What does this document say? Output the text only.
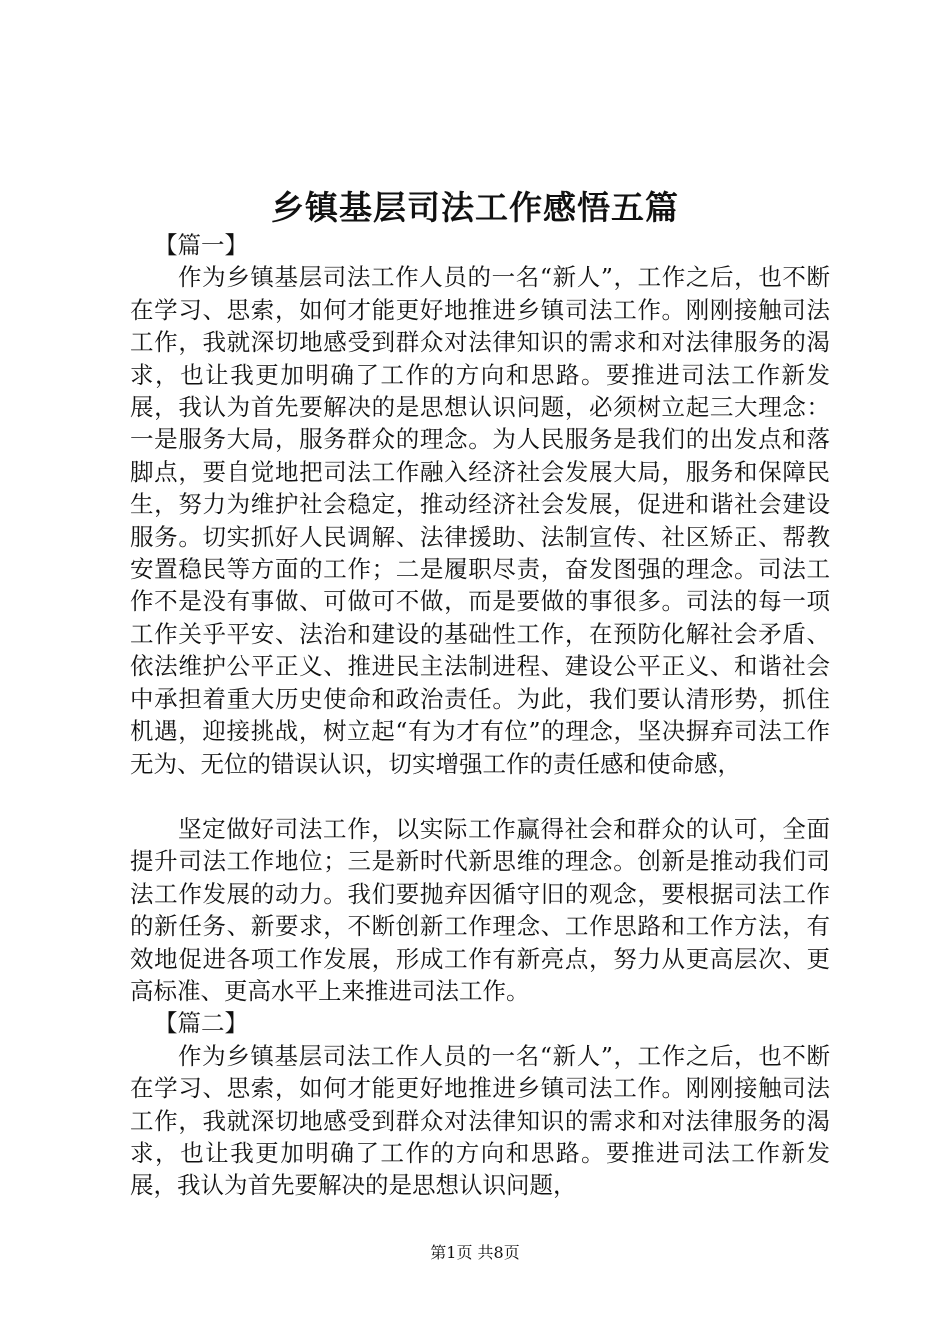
乡镇基层司法工作感悟五篇

【篇一】

作为乡镇基层司法工作人员的一名“新人”，工作之后，也不断在学习、思索，如何才能更好地推进乡镇司法工作。刚刚接触司法工作，我就深切地感受到群众对法律知识的需求和对法律服务的渴求，也让我更加明确了工作的方向和思路。要推进司法工作新发展，我认为首先要解决的是思想认识问题，必须树立起三大理念：一是服务大局，服务群众的理念。为人民服务是我们的出发点和落脚点，要自觉地把司法工作融入经济社会发展大局，服务和保障民生，努力为维护社会稳定，推动经济社会发展，促进和谐社会建设服务。切实抓好人民调解、法律援助、法制宣传、社区矫正、帮教安置稳民等方面的工作；二是履职尽责，奋发图强的理念。司法工作不是没有事做、可做可不做，而是要做的事很多。司法的每一项工作关乎平安、法治和建设的基础性工作，在预防化解社会矛盾、依法维护公平正义、推进民主法制进程、建设公平正义、和谐社会中承担着重大历史使命和政治责任。为此，我们要认清形势，抓住机遇，迎接挑战，树立起“有为才有位”的理念，坚决摒弃司法工作无为、无位的错误认识，切实增强工作的责任感和使命感，

坚定做好司法工作，以实际工作赢得社会和群众的认可，全面提升司法工作地位；三是新时代新思维的理念。创新是推动我们司法工作发展的动力。我们要抛弃因循守旧的观念，要根据司法工作的新任务、新要求，不断创新工作理念、工作思路和工作方法，有效地促进各项工作发展，形成工作有新亮点，努力从更高层次、更高标准、更高水平上来推进司法工作。

【篇二】

作为乡镇基层司法工作人员的一名“新人”，工作之后，也不断在学习、思索，如何才能更好地推进乡镇司法工作。刚刚接触司法工作，我就深切地感受到群众对法律知识的需求和对法律服务的渴求，也让我更加明确了工作的方向和思路。要推进司法工作新发展，我认为首先要解决的是思想认识问题，

第1页 共8页
